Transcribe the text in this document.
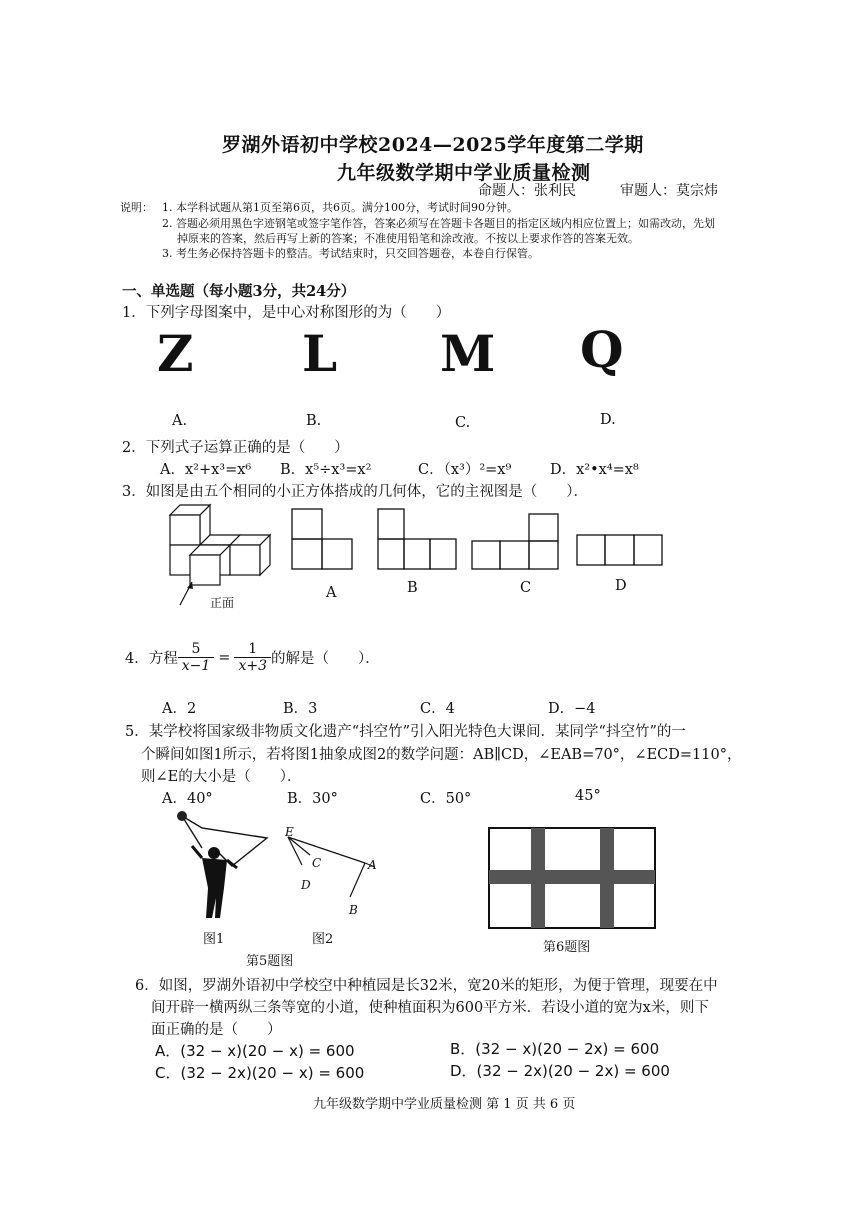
罗湖外语初中学校2024—2025学年度第二学期
九年级数学期中学业质量检测
命题人：张利民	审题人：莫宗炜
说明： 1. 本学科试题从第1页至第6页，共6页。满分100分，考试时间90分钟。
2. 答题必须用黑色字迹钢笔或签字笔作答，答案必须写在答题卡各题目的指定区域内相应位置上；如需改动，先划
掉原来的答案，然后再写上新的答案；不准使用铅笔和涂改液。不按以上要求作答的答案无效。
3. 考生务必保持答题卡的整洁。考试结束时，只交回答题卷，本卷自行保管。
一、单选题（每小题3分，共24分）
1．下列字母图案中，是中心对称图形的为（　　）
Z L M Q
A.	B.	C.	D.
2．下列式子运算正确的是（　　）
A．x²+x³=x⁶ B．x⁵÷x³=x²	C．（x³）²=x⁹	D．x²•x⁴=x⁸
3．如图是由五个相同的小正方体搭成的几何体，它的主视图是（　　）．
正面
A	B	C	D
4．方程 $\frac{5}{x-1} = \frac{1}{x+3}$ 的解是（　　）．
A．2	B．3	C．4	D．−4
5．某学校将国家级非物质文化遗产“抖空竹”引入阳光特色大课间．某同学“抖空竹”的一
个瞬间如图1所示，若将图1抽象成图2的数学问题：AB∥CD，∠EAB=70°，∠ECD=110°，
则∠E的大小是（　　）．
A．40°	B．30°	C．50°	45°
图1
E
C
D
A
B
图2
第5题图
第6题图
6．如图，罗湖外语初中学校空中种植园是长32米，宽20米的矩形，为便于管理，现要在中
间开辟一横两纵三条等宽的小道，使种植面积为600平方米．若设小道的宽为x米，则下
面正确的是（　　）
A．(32 − x)(20 − x) = 600	B．(32 − x)(20 − 2x) = 600
C．(32 − 2x)(20 − x) = 600	D．(32 − 2x)(20 − 2x) = 600
九年级数学期中学业质量检测 第 1 页 共 6 页
